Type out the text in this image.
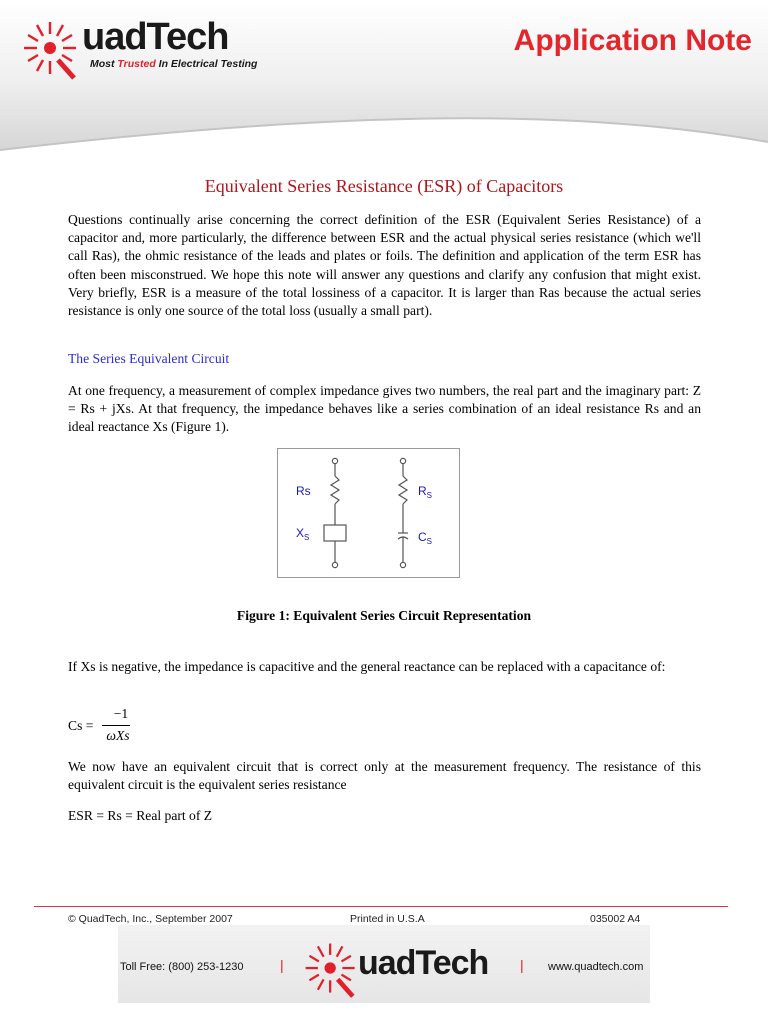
uadTech
Most Trusted In Electrical Testing
Application Note
Equivalent Series Resistance (ESR) of Capacitors
Questions continually arise concerning the correct definition of the ESR (Equivalent Series Resistance) of a capacitor and, more particularly, the difference between ESR and the actual physical series resistance (which we'll call Ras), the ohmic resistance of the leads and plates or foils. The definition and application of the term ESR has often been misconstrued. We hope this note will answer any questions and clarify any confusion that might exist. Very briefly, ESR is a measure of the total lossiness of a capacitor. It is larger than Ras because the actual series resistance is only one source of the total loss (usually a small part).
The Series Equivalent Circuit
At one frequency, a measurement of complex impedance gives two numbers, the real part and the imaginary part: Z = Rs + jXs. At that frequency, the impedance behaves like a series combination of an ideal resistance Rs and an ideal reactance Xs (Figure 1).
Rs
$X_S$
$R_S$
$C_S$
Figure 1: Equivalent Series Circuit Representation
If Xs is negative, the impedance is capacitive and the general reactance can be replaced with a capacitance of:
Cs =
−1
ωXs
We now have an equivalent circuit that is correct only at the measurement frequency. The resistance of this equivalent circuit is the equivalent series resistance
ESR = Rs = Real part of Z
© QuadTech, Inc., September 2007	Printed in U.S.A	035002 A4
Toll Free: (800) 253-1230	| uadTech | www.quadtech.com
